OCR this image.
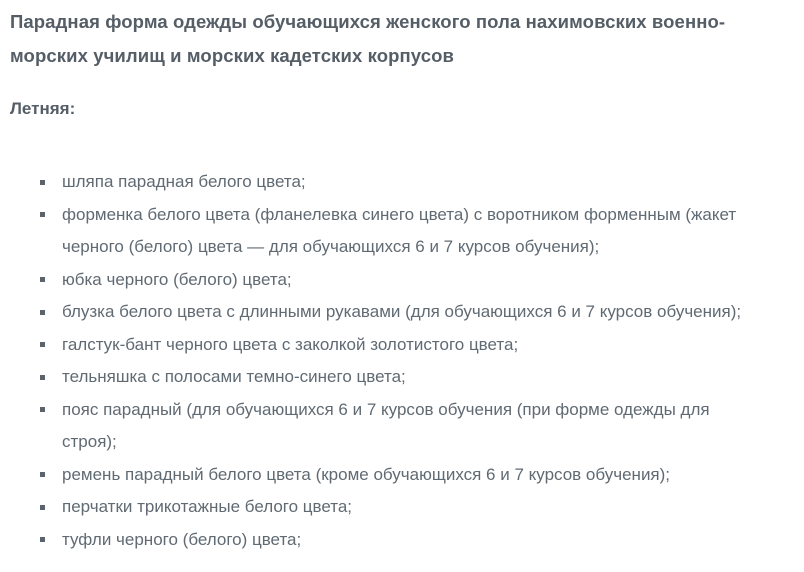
Парадная форма одежды обучающихся женского пола нахимовских военно-морских училищ и морских кадетских корпусов
Летняя:
шляпа парадная белого цвета;
форменка белого цвета (фланелевка синего цвета) с воротником форменным (жакет черного (белого) цвета — для обучающихся 6 и 7 курсов обучения);
юбка черного (белого) цвета;
блузка белого цвета с длинными рукавами (для обучающихся 6 и 7 курсов обучения);
галстук-бант черного цвета с заколкой золотистого цвета;
тельняшка с полосами темно-синего цвета;
пояс парадный (для обучающихся 6 и 7 курсов обучения (при форме одежды для строя);
ремень парадный белого цвета (кроме обучающихся 6 и 7 курсов обучения);
перчатки трикотажные белого цвета;
туфли черного (белого) цвета;
